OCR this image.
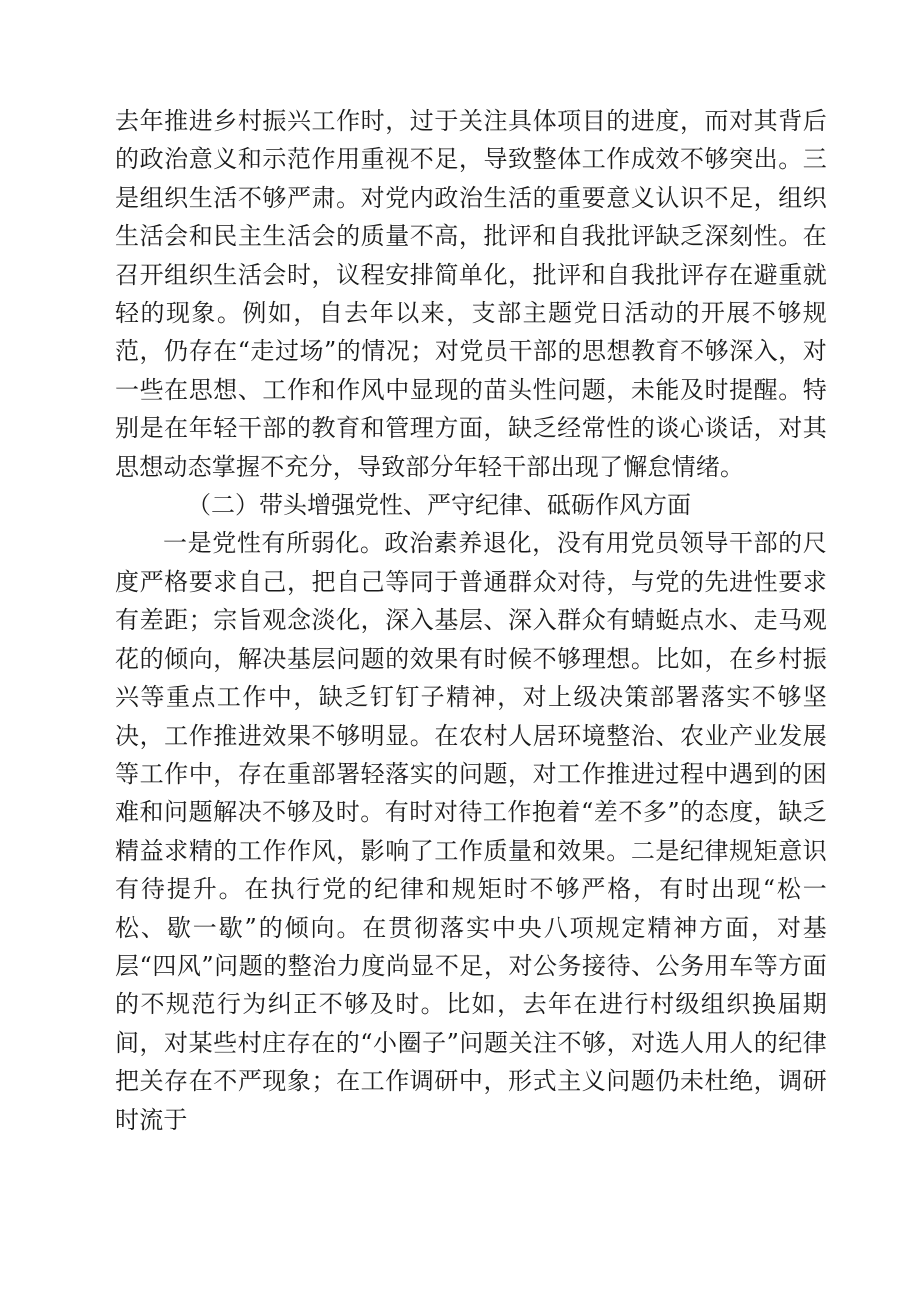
去年推进乡村振兴工作时，过于关注具体项目的进度，而对其背后的政治意义和示范作用重视不足，导致整体工作成效不够突出。三是组织生活不够严肃。对党内政治生活的重要意义认识不足，组织生活会和民主生活会的质量不高，批评和自我批评缺乏深刻性。在召开组织生活会时，议程安排简单化，批评和自我批评存在避重就轻的现象。例如，自去年以来，支部主题党日活动的开展不够规范，仍存在“走过场”的情况；对党员干部的思想教育不够深入，对一些在思想、工作和作风中显现的苗头性问题，未能及时提醒。特别是在年轻干部的教育和管理方面，缺乏经常性的谈心谈话，对其思想动态掌握不充分，导致部分年轻干部出现了懈怠情绪。

（二）带头增强党性、严守纪律、砥砺作风方面

一是党性有所弱化。政治素养退化，没有用党员领导干部的尺度严格要求自己，把自己等同于普通群众对待，与党的先进性要求有差距；宗旨观念淡化，深入基层、深入群众有蜻蜓点水、走马观花的倾向，解决基层问题的效果有时候不够理想。比如，在乡村振兴等重点工作中，缺乏钉钉子精神，对上级决策部署落实不够坚决，工作推进效果不够明显。在农村人居环境整治、农业产业发展等工作中，存在重部署轻落实的问题，对工作推进过程中遇到的困难和问题解决不够及时。有时对待工作抱着“差不多”的态度，缺乏精益求精的工作作风，影响了工作质量和效果。二是纪律规矩意识有待提升。在执行党的纪律和规矩时不够严格，有时出现“松一松、歇一歇”的倾向。在贯彻落实中央八项规定精神方面，对基层“四风”问题的整治力度尚显不足，对公务接待、公务用车等方面的不规范行为纠正不够及时。比如，去年在进行村级组织换届期间，对某些村庄存在的“小圈子”问题关注不够，对选人用人的纪律把关存在不严现象；在工作调研中，形式主义问题仍未杜绝，调研时流于
